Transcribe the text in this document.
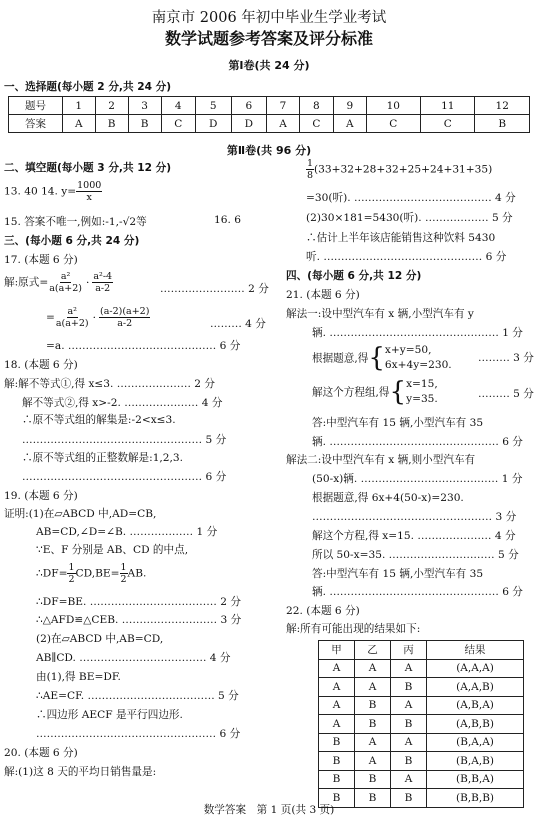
南京市 2006 年初中毕业生学业考试
数学试题参考答案及评分标准
第Ⅰ卷(共 24 分)
一、选择题(每小题 2 分,共 24 分)
题号	1	2	3	4	5	6	7	8	9	10	11	12
答案	A	B	B	C	D	D	A	C	A	C	C	B
第Ⅱ卷(共 96 分)
二、填空题(每小题 3 分,共 12 分)
13. 40 14. $y= \frac{1000}{x}$
15. 答案不唯一,例如:-1,-√2等	16. 6
三、(每小题 6 分,共 24 分)
17. (本题 6 分)
解:原式= $\frac{\text{a²}}{a(a+2)} \cdot \frac{\text{a²-4}}{a-2}$	…………………… 2 分
= $\frac{\text{a²}}{a(a+2)} \cdot \frac{(a-2)(a+2)}{a-2}$	……… 4 分
=a. …………………………………… 6 分
18. (本题 6 分)
解:解不等式①,得 x≤3. ………………… 2 分
解不等式②,得 x>-2. ………………… 4 分
∴原不等式组的解集是:-2<x≤3.
…………………………………………… 5 分
∴原不等式组的正整数解是:1,2,3.
…………………………………………… 6 分
19. (本题 6 分)
证明:(1)在▱ABCD 中,AD=CB,
AB=CD,∠D=∠B. ……………… 1 分
∵E、F 分别是 AB、CD 的中点,
∴DF= $\frac{1}{2} CD,BE= \frac{1}{2}$ AB.
∴DF=BE. ……………………………… 2 分
∴△AFD≌△CEB. ……………………… 3 分
(2)在▱ABCD 中,AB=CD,
AB∥CD. ……………………………… 4 分
由(1),得 BE=DF.
∴AE=CF. ……………………………… 5 分
∴四边形 AECF 是平行四边形.
…………………………………………… 6 分
20. (本题 6 分)
解:(1)这 8 天的平均日销售量是:
$\frac{1}{8} (33+32+28+32+25+24+31+35)$
=30(听). ………………………………… 4 分
(2)30×181=5430(听). ……………… 5 分
∴估计上半年该店能销售这种饮料 5430
听. ……………………………………… 6 分
四、(每小题 6 分,共 12 分)
21. (本题 6 分)
解法一:设中型汽车有 x 辆,小型汽车有 y
辆. ………………………………………… 1 分
根据题意,得{ x+y=50,
6x+4y=230.
……… 3 分
解这个方程组,得{ x=15,
y=35.	……… 5 分
答:中型汽车有 15 辆,小型汽车有 35
辆. ………………………………………… 6 分
解法二:设中型汽车有 x 辆,则小型汽车有
(50-x)辆. ………………………………… 1 分
根据题意,得 6x+4(50-x)=230.
…………………………………………… 3 分
解这个方程,得 x=15. ………………… 4 分
所以 50-x=35. ………………………… 5 分
答:中型汽车有 15 辆,小型汽车有 35
辆. ………………………………………… 6 分
22. (本题 6 分)
解:所有可能出现的结果如下:
甲	乙	丙	结果
A	A	A	(A,A,A)
A	A	B	(A,A,B)
A	B	A	(A,B,A)
A	B	B	(A,B,B)
B	A	A	(B,A,A)
B	A	B	(B,A,B)
B	B	A	(B,B,A)
B	B	B	(B,B,B)
数学答案　第 1 页(共 3 页)
